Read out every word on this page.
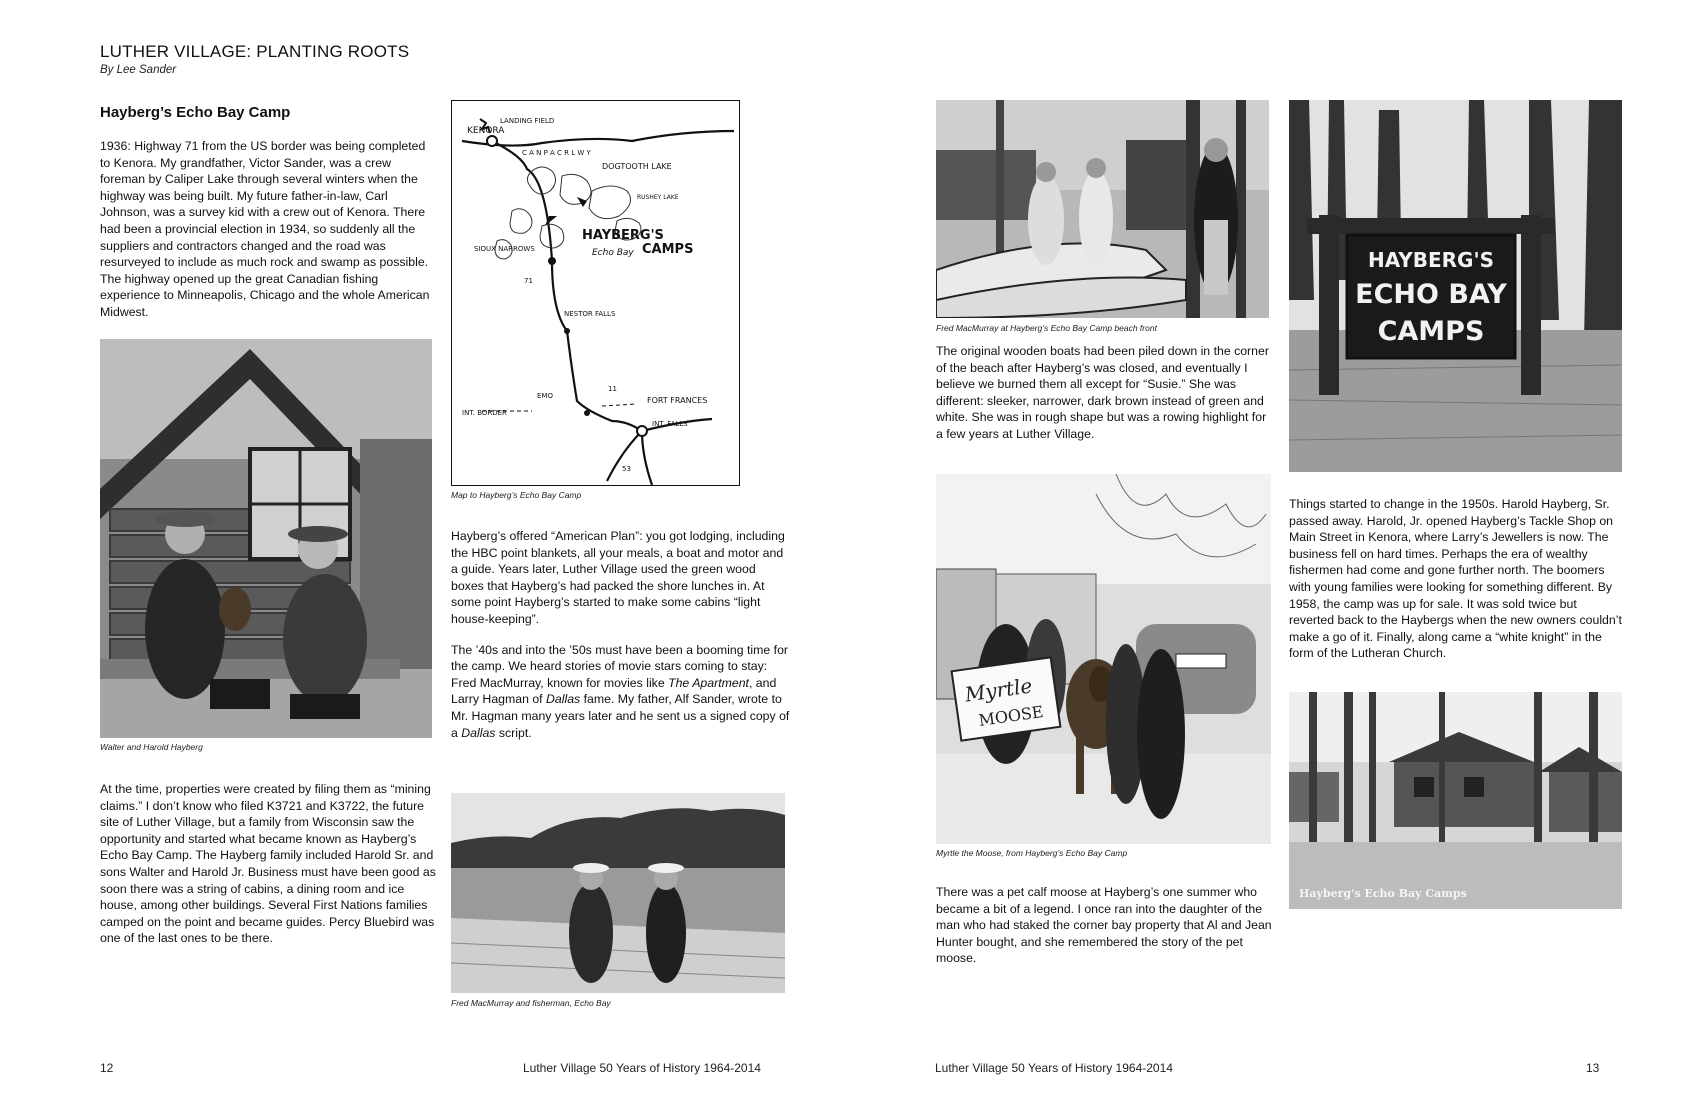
LUTHER VILLAGE: PLANTING ROOTS
By Lee Sander
Hayberg’s Echo Bay Camp

1936: Highway 71 from the US border was being completed to Kenora. My grandfather, Victor Sander, was a crew foreman by Caliper Lake through several winters when the highway was being built. My future father-in-law, Carl Johnson, was a survey kid with a crew out of Kenora. There had been a provincial election in 1934, so suddenly all the suppliers and contractors changed and the road was resurveyed to include as much rock and swamp as possible. The highway opened up the great Canadian fishing experience to Minneapolis, Chicago and the whole American Midwest.

Walter and Harold Hayberg

At the time, properties were created by filing them as “mining claims.” I don’t know who filed K3721 and K3722, the future site of Luther Village, but a family from Wisconsin saw the opportunity and started what became known as Hayberg’s Echo Bay Camp. The Hayberg family included Harold Sr. and sons Walter and Harold Jr. Business must have been good as soon there was a string of cabins, a dining room and ice house, among other buildings. Several First Nations families camped on the point and became guides. Percy Bluebird was one of the last ones to be there.

LANDING FIELD
KENORA
C A N P A C R L W Y
DOGTOOTH LAKE
RUSHEY LAKE
HAYBERG'S
Echo Bay CAMPS
SIOUX NARROWS
NESTOR FALLS
EMO	FORT FRANCES
INT. FALLS
INT. BORDER
71
11
53
Map to Hayberg’s Echo Bay Camp

Hayberg’s offered “American Plan”: you got lodging, including the HBC point blankets, all your meals, a boat and motor and a guide. Years later, Luther Village used the green wood boxes that Hayberg’s had packed the shore lunches in. At some point Hayberg’s started to make some cabins “light house-keeping”.

The ’40s and into the ’50s must have been a booming time for the camp. We heard stories of movie stars coming to stay: Fred MacMurray, known for movies like The Apartment, and Larry Hagman of Dallas fame. My father, Alf Sander, wrote to Mr. Hagman many years later and he sent us a signed copy of a Dallas script.

Fred MacMurray and fisherman, Echo Bay
Fred MacMurray at Hayberg’s Echo Bay Camp beach front

The original wooden boats had been piled down in the corner of the beach after Hayberg’s was closed, and eventually I believe we burned them all except for “Susie.” She was different: sleeker, narrower, dark brown instead of green and white. She was in rough shape but was a rowing highlight for a few years at Luther Village.

Myrtle
MOOSE
Myrtle the Moose, from Hayberg’s Echo Bay Camp

There was a pet calf moose at Hayberg’s one summer who became a bit of a legend. I once ran into the daughter of the man who had staked the corner bay property that Al and Jean Hunter bought, and she remembered the story of the pet moose.

HAYBERG'S
ECHO BAY
CAMPS

Things started to change in the 1950s. Harold Hayberg, Sr. passed away. Harold, Jr. opened Hayberg’s Tackle Shop on Main Street in Kenora, where Larry’s Jewellers is now. The business fell on hard times. Perhaps the era of wealthy fishermen had come and gone further north. The boomers with young families were looking for something different. By 1958, the camp was up for sale. It was sold twice but reverted back to the Haybergs when the new owners couldn’t make a go of it. Finally, along came a “white knight” in the form of the Lutheran Church.

Hayberg's Echo Bay Camps
12	Luther Village 50 Years of History 1964-2014	Luther Village 50 Years of History 1964-2014	13
